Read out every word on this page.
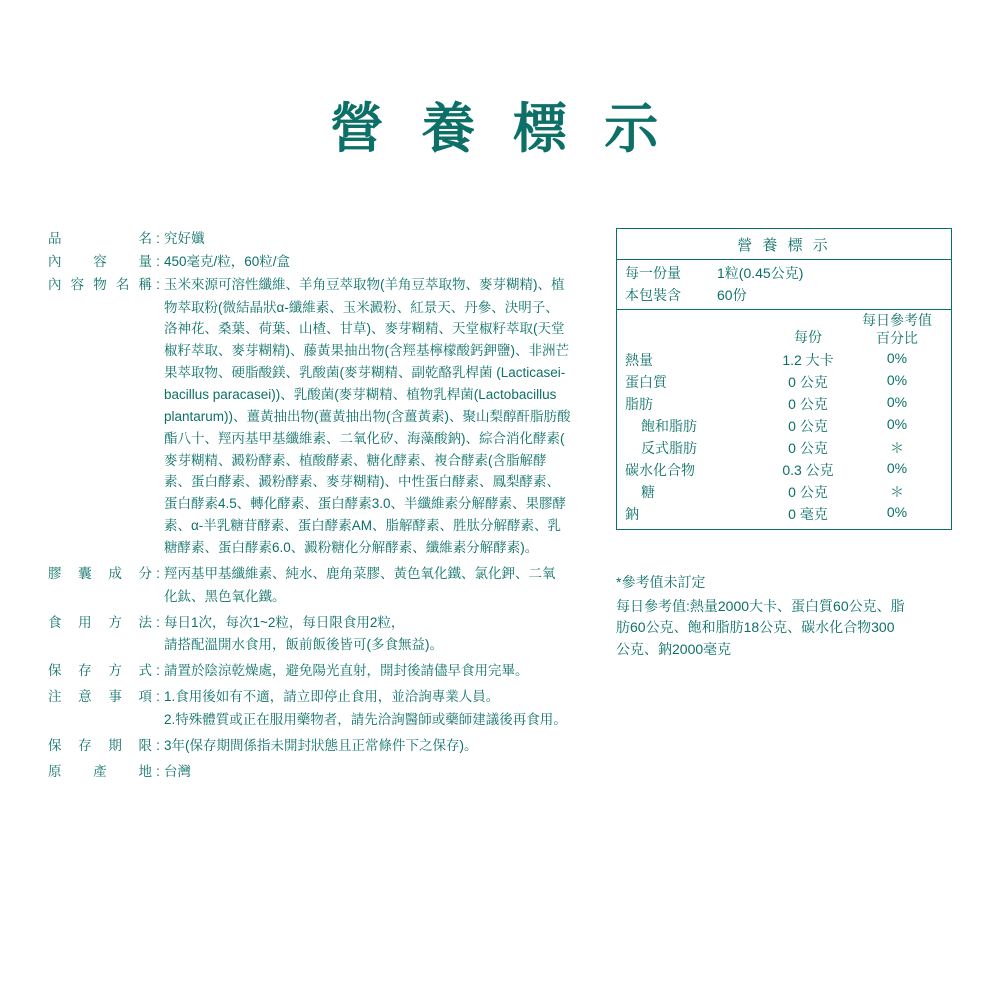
營 養 標 示
品　　　名 : 究好孅
內　容　量 : 450毫克/粒，60粒/盒
內容物名稱 : 玉米來源可溶性纖維、羊角豆萃取物(羊角豆萃取物、麥芽糊精)、植
物萃取粉(微結晶狀α-纖維素、玉米澱粉、紅景天、丹參、決明子、
洛神花、桑葉、荷葉、山楂、甘草)、麥芽糊精、天堂椒籽萃取(天堂
椒籽萃取、麥芽糊精)、藤黃果抽出物(含羥基檸檬酸鈣鉀鹽)、非洲芒
果萃取物、硬脂酸鎂、乳酸菌(麥芽糊精、副乾酪乳桿菌 (Lacticasei-
bacillus paracasei))、乳酸菌(麥芽糊精、植物乳桿菌(Lactobacillus
plantarum))、薑黃抽出物(薑黃抽出物(含薑黃素)、聚山梨醇酐脂肪酸
酯八十、羥丙基甲基纖維素、二氧化矽、海藻酸鈉)、綜合消化酵素(
麥芽糊精、澱粉酵素、植酸酵素、糖化酵素、複合酵素(含脂解酵
素、蛋白酵素、澱粉酵素、麥芽糊精)、中性蛋白酵素、鳳梨酵素、
蛋白酵素4.5、轉化酵素、蛋白酵素3.0、半纖維素分解酵素、果膠酵
素、α-半乳糖苷酵素、蛋白酵素AM、脂解酵素、胜肽分解酵素、乳
糖酵素、蛋白酵素6.0、澱粉糖化分解酵素、纖維素分解酵素)。
膠 囊 成 分 : 羥丙基甲基纖維素、純水、鹿角菜膠、黃色氧化鐵、氯化鉀、二氧
化鈦、黑色氧化鐵。
食 用 方 法 : 每日1次，每次1~2粒，每日限食用2粒，
請搭配溫開水食用，飯前飯後皆可(多食無益)。
保 存 方 式 : 請置於陰涼乾燥處，避免陽光直射，開封後請儘早食用完畢。
注 意 事 項 : 1.食用後如有不適，請立即停止食用，並洽詢專業人員。
2.特殊體質或正在服用藥物者，請先洽詢醫師或藥師建議後再食用。
保 存 期 限 : 3年(保存期間係指未開封狀態且正常條件下之保存)。
原　產　地 : 台灣
營 養 標 示
每一份量	1粒(0.45公克)
本包裝含	60份

每份
每日參考值
百分比
熱量	1.2 大卡	0%
蛋白質	0 公克	0%
脂肪	0 公克	0%
飽和脂肪	0 公克	0%
反式脂肪	0 公克	＊
碳水化合物	0.3 公克	0%
糖	0 公克	＊
鈉	0 毫克	0%
*參考值未訂定
每日參考值:熱量2000大卡、蛋白質60公克、脂
肪60公克、飽和脂肪18公克、碳水化合物300
公克、鈉2000毫克
